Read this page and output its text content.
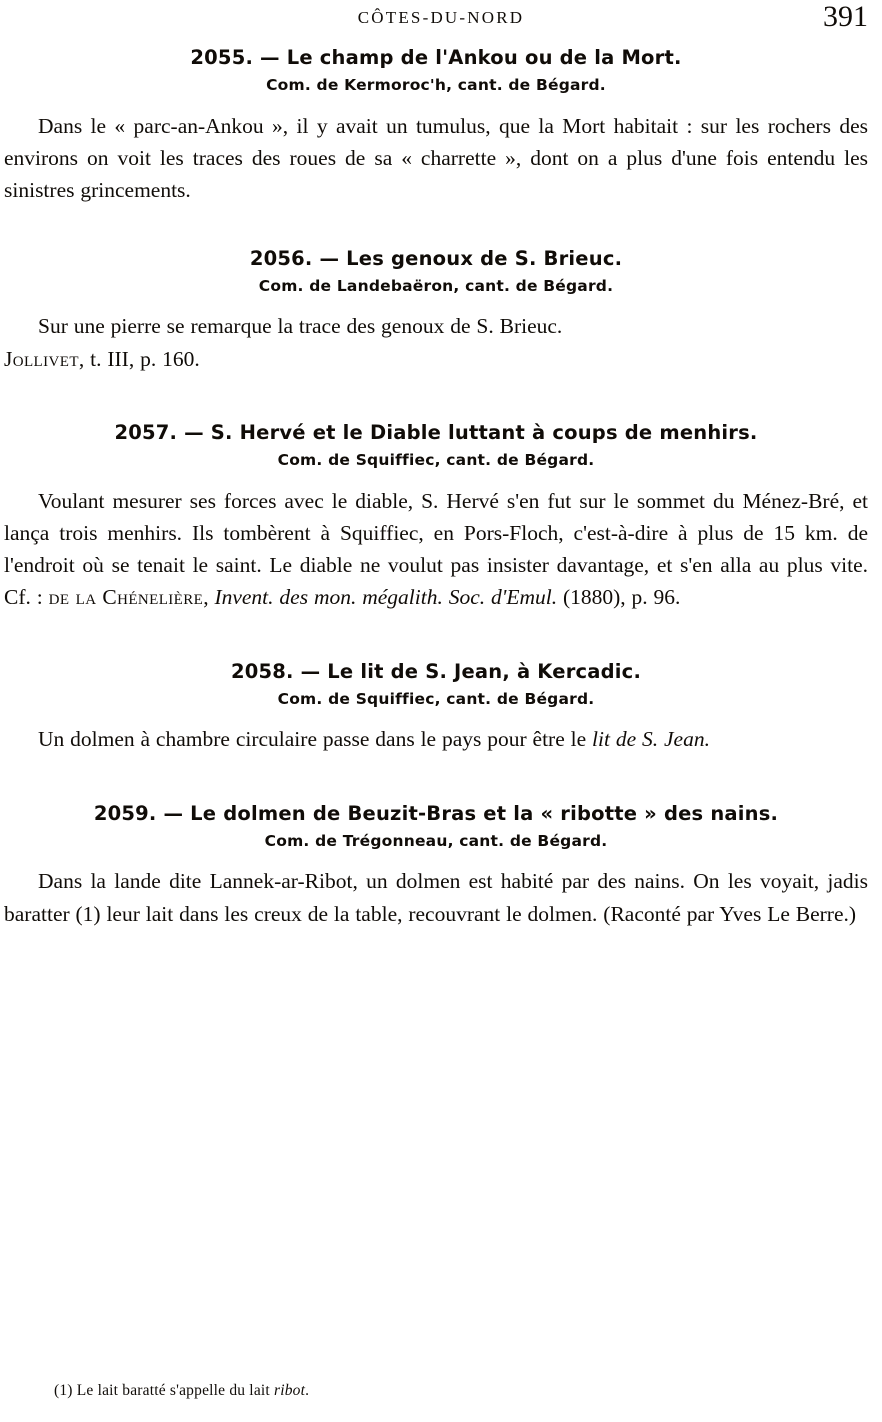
CÔTES-DU-NORD	391
2055. — Le champ de l'Ankou ou de la Mort.
Com. de Kermoroc'h, cant. de Bégard.

Dans le « parc-an-Ankou », il y avait un tumulus, que la Mort habitait : sur les rochers des environs on voit les traces des roues de sa « charrette », dont on a plus d'une fois entendu les sinistres grincements.

2056. — Les genoux de S. Brieuc.
Com. de Landebaëron, cant. de Bégard.

Sur une pierre se remarque la trace des genoux de S. Brieuc.
Jollivet, t. III, p. 160.

2057. — S. Hervé et le Diable luttant à coups de menhirs.
Com. de Squiffiec, cant. de Bégard.

Voulant mesurer ses forces avec le diable, S. Hervé s'en fut sur le sommet du Ménez-Bré, et lança trois menhirs. Ils tombèrent à Squiffiec, en Pors-Floch, c'est-à-dire à plus de 15 km. de l'endroit où se tenait le saint. Le diable ne voulut pas insister davantage, et s'en alla au plus vite. Cf. : de la Chénelière, Invent. des mon. mégalith. Soc. d'Emul. (1880), p. 96.

2058. — Le lit de S. Jean, à Kercadic.
Com. de Squiffiec, cant. de Bégard.

Un dolmen à chambre circulaire passe dans le pays pour être le lit de S. Jean.

2059. — Le dolmen de Beuzit-Bras et la « ribotte » des nains.
Com. de Trégonneau, cant. de Bégard.

Dans la lande dite Lannek-ar-Ribot, un dolmen est habité par des nains. On les voyait, jadis baratter (1) leur lait dans les creux de la table, recouvrant le dolmen. (Raconté par Yves Le Berre.)

(1) Le lait baratté s'appelle du lait ribot.
